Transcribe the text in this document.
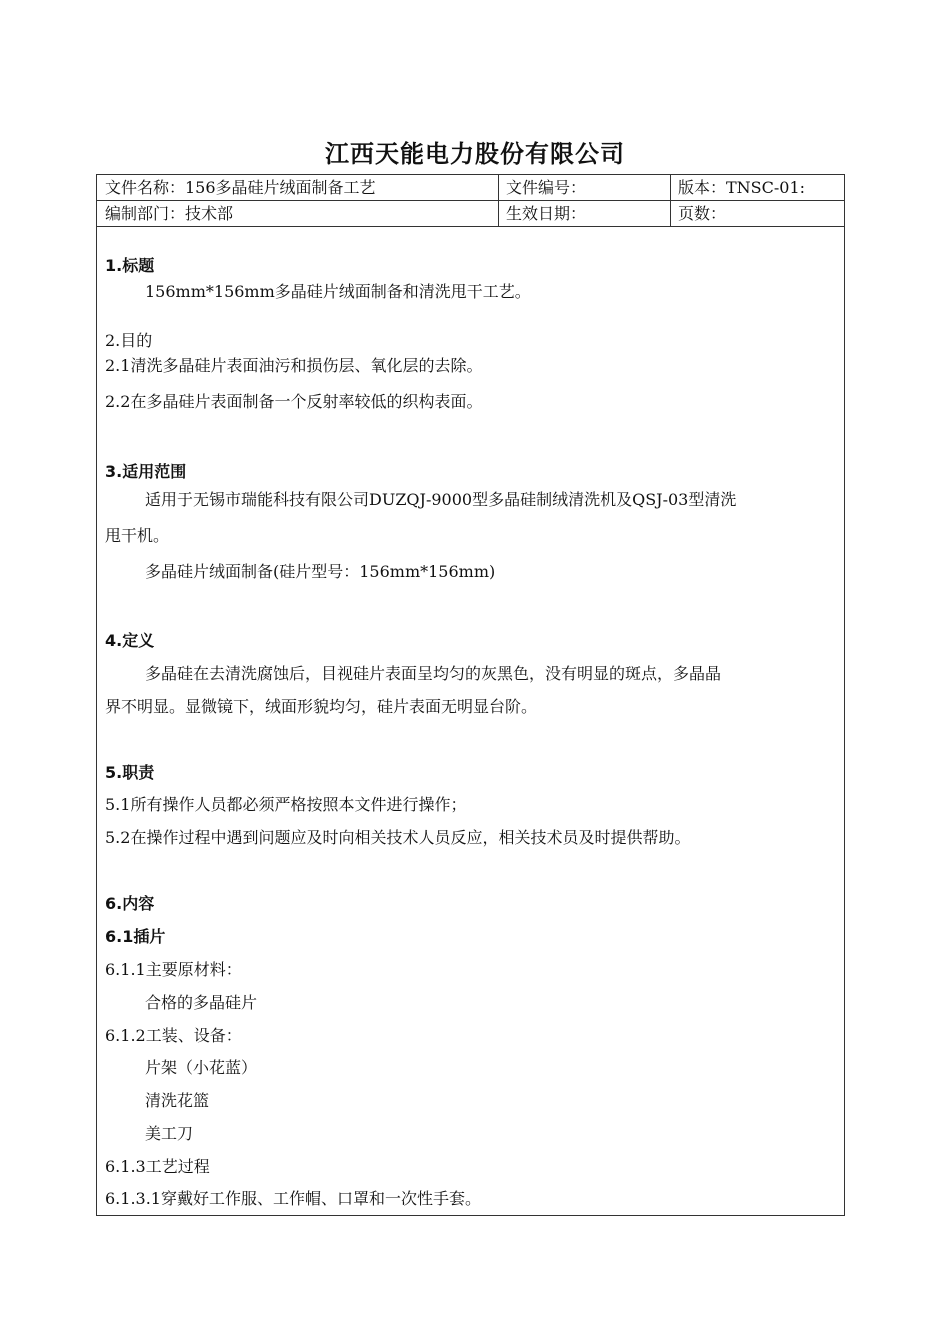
江西天能电力股份有限公司
文件名称：156多晶硅片绒面制备工艺	文件编号：	版本：TNSC-01:
编制部门：技术部	生效日期：	页数：
1.标题
156mm*156mm多晶硅片绒面制备和清洗甩干工艺。
2.目的
2.1清洗多晶硅片表面油污和损伤层、氧化层的去除。
2.2在多晶硅片表面制备一个反射率较低的织构表面。
3.适用范围
适用于无锡市瑞能科技有限公司DUZQJ-9000型多晶硅制绒清洗机及QSJ-03型清洗
甩干机。
多晶硅片绒面制备(硅片型号：156mm*156mm)
4.定义
多晶硅在去清洗腐蚀后，目视硅片表面呈均匀的灰黑色，没有明显的斑点，多晶晶
界不明显。显微镜下，绒面形貌均匀，硅片表面无明显台阶。
5.职责
5.1所有操作人员都必须严格按照本文件进行操作；
5.2在操作过程中遇到问题应及时向相关技术人员反应，相关技术员及时提供帮助。
6.内容
6.1插片
6.1.1主要原材料：
合格的多晶硅片
6.1.2工装、设备：
片架（小花蓝）
清洗花篮
美工刀
6.1.3工艺过程
6.1.3.1穿戴好工作服、工作帽、口罩和一次性手套。
